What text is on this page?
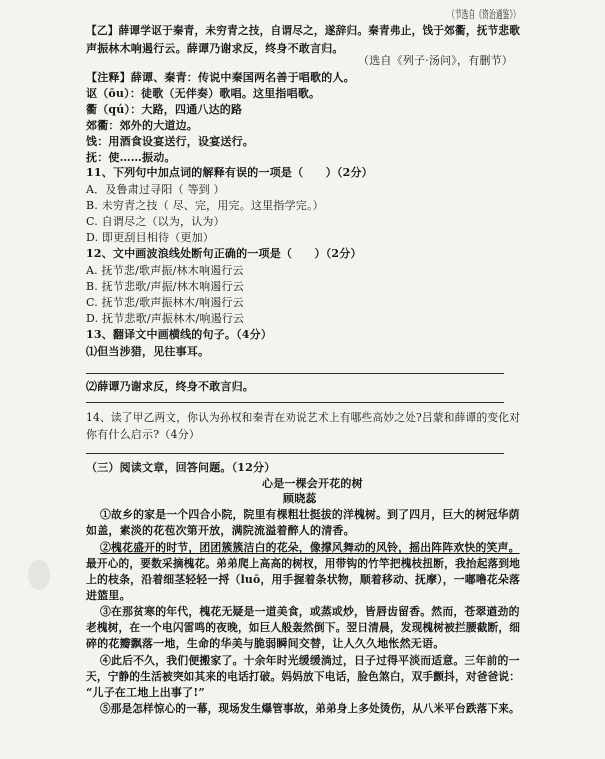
（节选自《资治通鉴》）
【乙】薛谭学讴于秦青，未穷青之技，自谓尽之，遂辞归。秦青弗止，饯于郊衢，抚节悲歌
声振林木响遏行云。薛谭乃谢求反，终身不敢言归。
（选自《列子·汤问》，有删节）
【注释】薛谭、秦青：传说中秦国两名善于唱歌的人。
讴（ōu）：徒歌（无伴奏）歌唱。这里指唱歌。
衢（qú）：大路，四通八达的路
郊衢：郊外的大道边。
饯：用酒食设宴送行，设宴送行。
抚：使……振动。
11、下列句中加点词的解释有误的一项是（　　）（2分）
A．及鲁肃过寻阳（ 等到 ）
B. 未穷青之技（ 尽、完，用完。这里指学完。）
C. 自谓尽之（以为，认为）
D. 即更刮目相待（更加）
12、文中画波浪线处断句正确的一项是（　　）（2分）
A. 抚节悲/歌声振/林木响遏行云
B. 抚节悲歌/声振/林木响遏行云
C. 抚节悲/歌声振林木/响遏行云
D. 抚节悲歌/声振林木/响遏行云
13、翻译文中画横线的句子。（4分）
⑴但当涉猎，见往事耳。
⑵薛谭乃谢求反，终身不敢言归。
14、读了甲乙两文，你认为孙权和秦青在劝说艺术上有哪些高妙之处?吕蒙和薛谭的变化对
你有什么启示?（4分）
（三）阅读文章，回答问题。（12分）
心是一棵会开花的树
顾晓蕊
①故乡的家是一个四合小院，院里有棵粗壮挺拔的洋槐树。到了四月，巨大的树冠华荫
如盖，素淡的花苞次第开放，满院流溢着醉人的清香。
②槐花盛开的时节，团团簇簇洁白的花朵，像撑风舞动的风铃，摇出阵阵欢快的笑声。
最开心的，要数采摘槐花。弟弟爬上高高的树杈，用带钩的竹竿把槐枝扭断，我抬起落到地
上的枝条，沿着细茎轻轻一捋（luō，用手握着条状物，顺着移动、抚摩），一嘟噜花朵落
进篮里。
③在那贫寒的年代，槐花无疑是一道美食，或蒸或炒，皆唇齿留香。然而，苍翠遒劲的
老槐树，在一个电闪雷鸣的夜晚，如巨人般轰然倒下。翌日清晨，发现槐树被拦腰截断，细
碎的花瓣飘落一地，生命的华美与脆弱瞬间交替，让人久久地怅然无语。
④此后不久，我们便搬家了。十余年时光缓缓淌过，日子过得平淡而适意。三年前的一
天，宁静的生活被突如其来的电话打破。妈妈放下电话，脸色煞白，双手颤抖，对爸爸说：
“儿子在工地上出事了!”
⑤那是怎样惊心的一幕，现场发生爆管事故，弟弟身上多处烫伤，从八米平台跌落下来。
